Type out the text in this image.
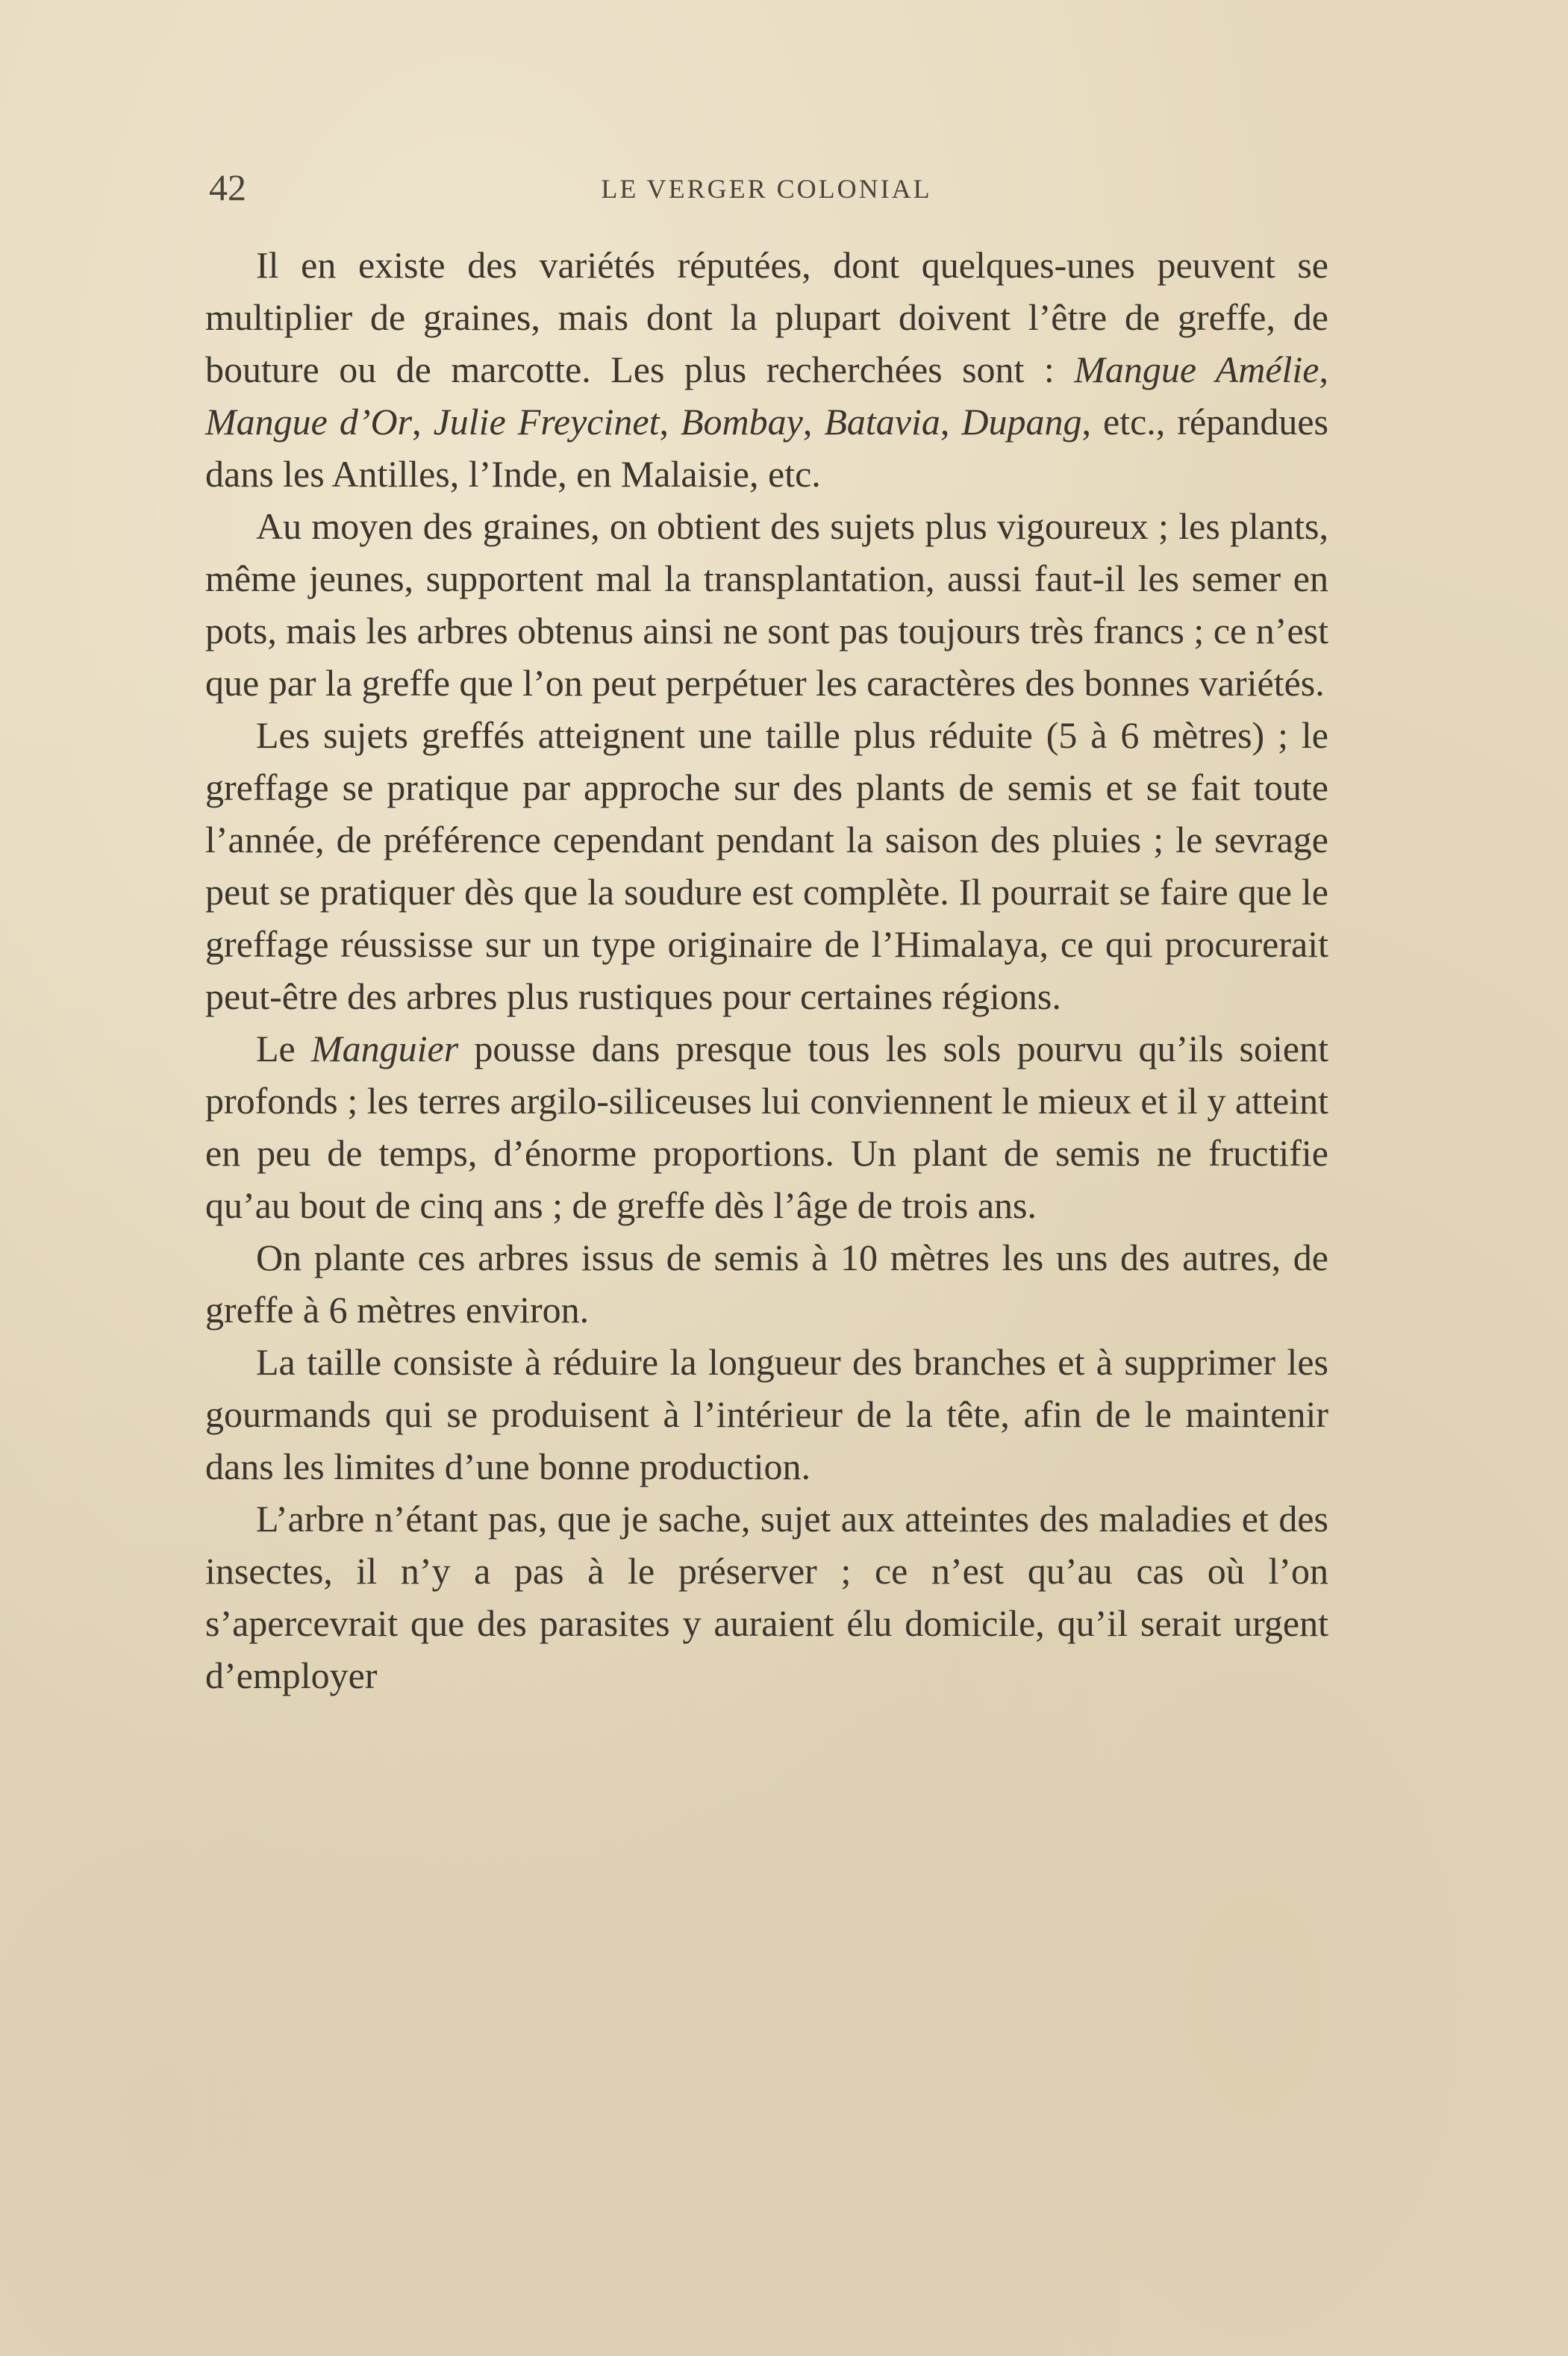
42	LE VERGER COLONIAL

Il en existe des variétés réputées, dont quelques-unes peuvent se multiplier de graines, mais dont la plupart doivent l’être de greffe, de bouture ou de marcotte. Les plus recherchées sont : Mangue Amélie, Mangue d’Or, Julie Freycinet, Bombay, Batavia, Dupang, etc., répandues dans les Antilles, l’Inde, en Malaisie, etc.

Au moyen des graines, on obtient des sujets plus vigoureux ; les plants, même jeunes, supportent mal la transplantation, aussi faut-il les semer en pots, mais les arbres obtenus ainsi ne sont pas toujours très francs ; ce n’est que par la greffe que l’on peut perpétuer les caractères des bonnes variétés.

Les sujets greffés atteignent une taille plus réduite (5 à 6 mètres) ; le greffage se pratique par approche sur des plants de semis et se fait toute l’année, de préférence cependant pendant la saison des pluies ; le sevrage peut se pratiquer dès que la soudure est complète. Il pourrait se faire que le greffage réussisse sur un type originaire de l’Himalaya, ce qui procurerait peut-être des arbres plus rustiques pour certaines régions.

Le Manguier pousse dans presque tous les sols pourvu qu’ils soient profonds ; les terres argilo-siliceuses lui conviennent le mieux et il y atteint en peu de temps, d’énorme proportions. Un plant de semis ne fructifie qu’au bout de cinq ans ; de greffe dès l’âge de trois ans.

On plante ces arbres issus de semis à 10 mètres les uns des autres, de greffe à 6 mètres environ.

La taille consiste à réduire la longueur des branches et à supprimer les gourmands qui se produisent à l’intérieur de la tête, afin de le maintenir dans les limites d’une bonne production.

L’arbre n’étant pas, que je sache, sujet aux atteintes des maladies et des insectes, il n’y a pas à le préserver ; ce n’est qu’au cas où l’on s’apercevrait que des parasites y auraient élu domicile, qu’il serait urgent d’employer
